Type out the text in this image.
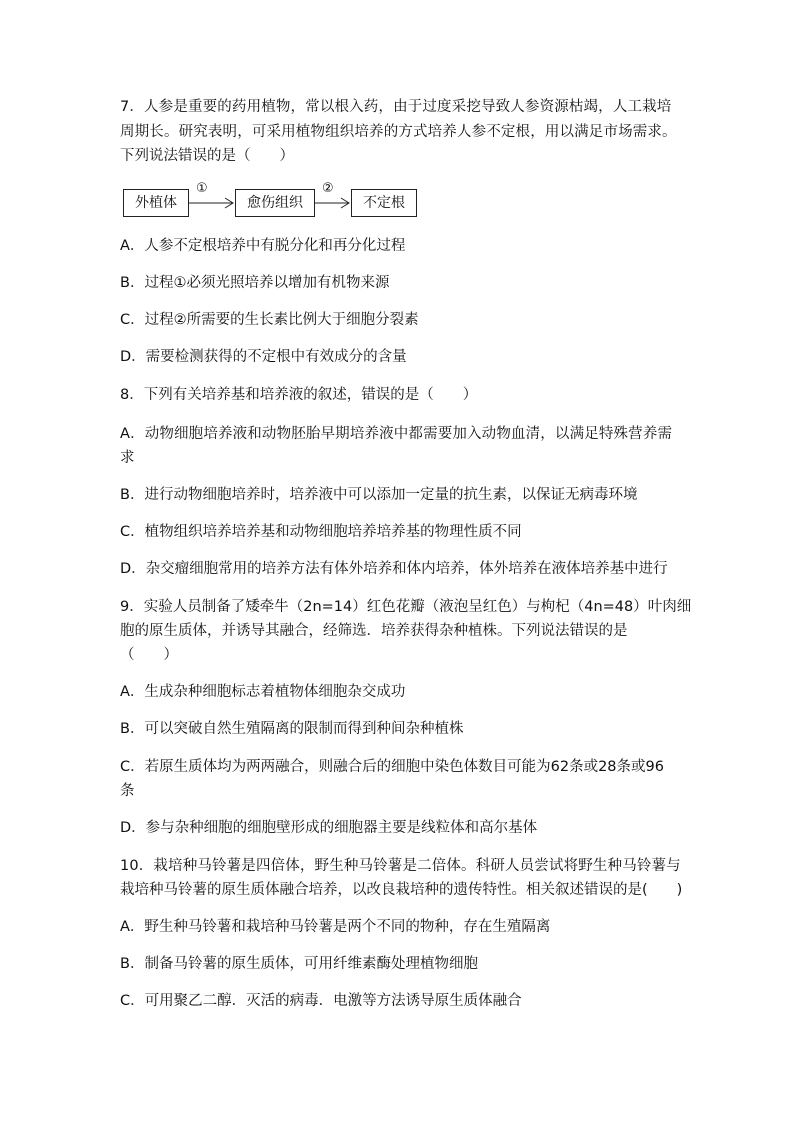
7．人参是重要的药用植物，常以根入药，由于过度采挖导致人参资源枯竭，人工栽培
周期长。研究表明，可采用植物组织培养的方式培养人参不定根，用以满足市场需求。
下列说法错误的是（　　）
外植体
①
愈伤组织
②
不定根
A．人参不定根培养中有脱分化和再分化过程
B．过程①必须光照培养以增加有机物来源
C．过程②所需要的生长素比例大于细胞分裂素
D．需要检测获得的不定根中有效成分的含量
8．下列有关培养基和培养液的叙述，错误的是（　　）
A．动物细胞培养液和动物胚胎早期培养液中都需要加入动物血清，以满足特殊营养需
求
B．进行动物细胞培养时，培养液中可以添加一定量的抗生素，以保证无病毒环境
C．植物组织培养培养基和动物细胞培养培养基的物理性质不同
D．杂交瘤细胞常用的培养方法有体外培养和体内培养，体外培养在液体培养基中进行
9．实验人员制备了矮牵牛（2n=14）红色花瓣（液泡呈红色）与枸杞（4n=48）叶肉细
胞的原生质体，并诱导其融合，经筛选．培养获得杂种植株。下列说法错误的是
（　　）
A．生成杂种细胞标志着植物体细胞杂交成功
B．可以突破自然生殖隔离的限制而得到种间杂种植株
C．若原生质体均为两两融合，则融合后的细胞中染色体数目可能为62条或28条或96
条
D．参与杂种细胞的细胞壁形成的细胞器主要是线粒体和高尔基体
10．栽培种马铃薯是四倍体，野生种马铃薯是二倍体。科研人员尝试将野生种马铃薯与
栽培种马铃薯的原生质体融合培养，以改良栽培种的遗传特性。相关叙述错误的是(　　)
A．野生种马铃薯和栽培种马铃薯是两个不同的物种，存在生殖隔离
B．制备马铃薯的原生质体，可用纤维素酶处理植物细胞
C．可用聚乙二醇．灭活的病毒．电激等方法诱导原生质体融合
